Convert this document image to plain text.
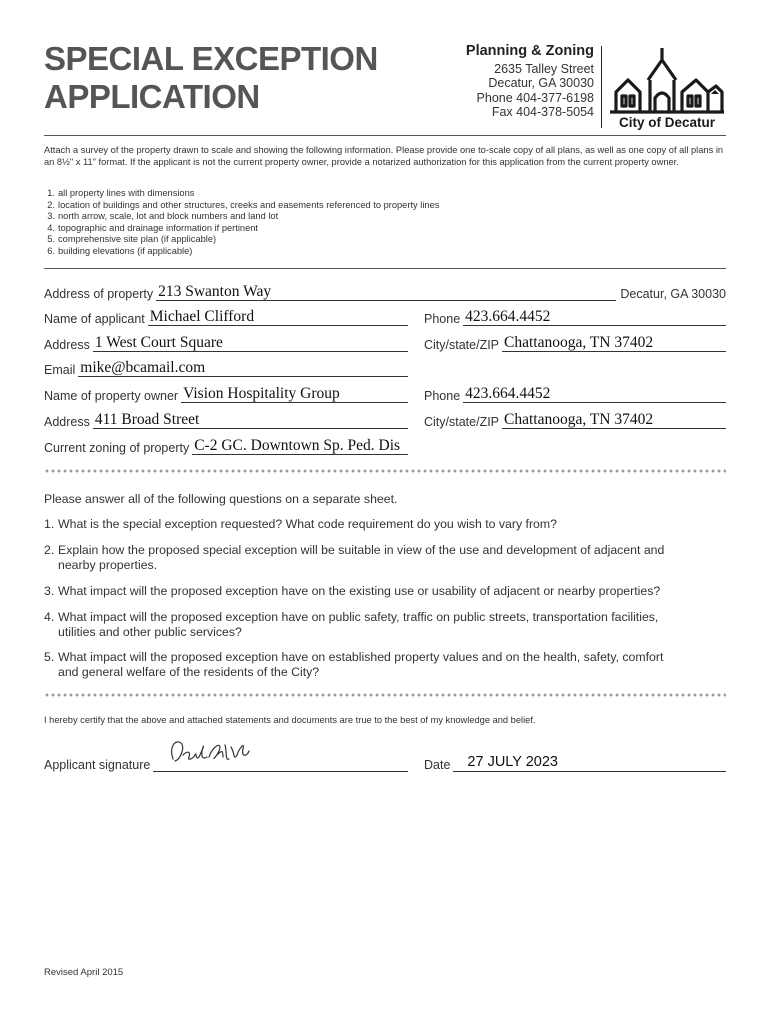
SPECIAL EXCEPTION
APPLICATION
Planning & Zoning
2635 Talley Street
Decatur, GA 30030
Phone 404-377-6198
Fax 404-378-5054
City of Decatur
Attach a survey of the property drawn to scale and showing the following information. Please provide one to-scale copy of all plans, as well as one copy of all plans in an 8½" x 11" format. If the applicant is not the current property owner, provide a notarized authorization for this application from the current property owner.
1. all property lines with dimensions
2. location of buildings and other structures, creeks and easements referenced to property lines
3. north arrow, scale, lot and block numbers and land lot
4. topographic and drainage information if pertinent
5. comprehensive site plan (if applicable)
6. building elevations (if applicable)
Address of property 213 Swanton Way	Decatur, GA 30030
Name of applicant Michael Clifford	Phone 423.664.4452
Address 1 West Court Square	City/state/ZIP Chattanooga, TN 37402
Email mike@bcamail.com
Name of property owner Vision Hospitality Group	Phone 423.664.4452
Address 411 Broad Street	City/state/ZIP Chattanooga, TN 37402
Current zoning of property C-2 GC. Downtown Sp. Ped. Dis
Please answer all of the following questions on a separate sheet.
1. What is the special exception requested? What code requirement do you wish to vary from?
2. Explain how the proposed special exception will be suitable in view of the use and development of adjacent and
nearby properties.
3. What impact will the proposed exception have on the existing use or usability of adjacent or nearby properties?
4. What impact will the proposed exception have on public safety, traffic on public streets, transportation facilities,
utilities and other public services?
5. What impact will the proposed exception have on established property values and on the health, safety, comfort
and general welfare of the residents of the City?
I hereby certify that the above and attached statements and documents are true to the best of my knowledge and belief.
Applicant signature	Date	27 JULY 2023
Revised April 2015
